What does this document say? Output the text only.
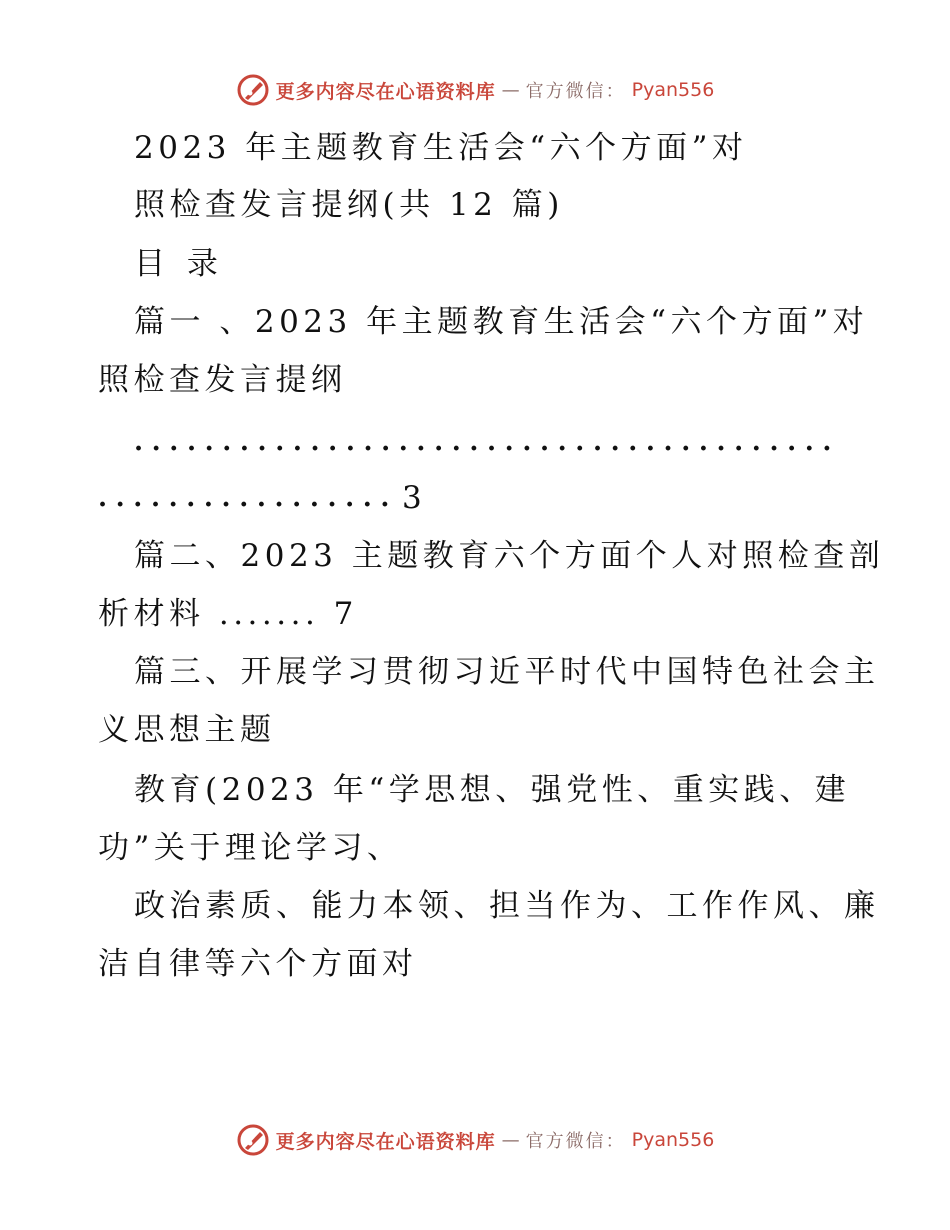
更多内容尽在心语资料库 — 官方微信： Pyan556
2023 年主题教育生活会“六个方面”对
照检查发言提纲(共 12 篇)
目 录
篇一 、2023 年主题教育生活会“六个方面”对
照检查发言提纲
........................................
................. 3
篇二、2023 主题教育六个方面个人对照检查剖
析材料 ....... 7
篇三、开展学习贯彻习近平时代中国特色社会主
义思想主题
教育(2023 年“学思想、强党性、重实践、建
功”关于理论学习、
政治素质、能力本领、担当作为、工作作风、廉
洁自律等六个方面对
更多内容尽在心语资料库 — 官方微信： Pyan556
